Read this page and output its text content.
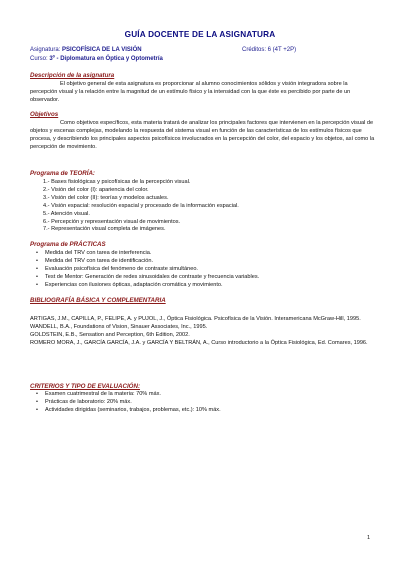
GUÍA DOCENTE DE LA ASIGNATURA
Asignatura: PSICOFÍSICA DE LA VISIÓN	Créditos: 6 (4T +2P)
Curso: 3º - Diplomatura en Óptica y Optometría
Descripción de la asignatura
El objetivo general de esta asignatura es proporcionar al alumno conocimientos sólidos y visión integradora sobre la percepción visual y la relación entre la magnitud de un estímulo físico y la intensidad con la que éste es percibido por parte de un observador.
Objetivos
Como objetivos específicos, esta materia tratará de analizar los principales factores que intervienen en la percepción visual de objetos y escenas complejas, modelando la respuesta del sistema visual en función de las características de los estímulos físicos que procesa, y describiendo los principales aspectos psicofísicos involucrados en la percepción del color, del espacio y los objetos, así como la percepción de movimiento.
Programa de TEORÍA:
1.- Bases fisiológicas y psicofísicas de la percepción visual.
2.- Visión del color (I): apariencia del color.
3.- Visión del color (II): teorías y modelos actuales.
4.- Visión espacial: resolución espacial y procesado de la información espacial.
5.- Atención visual.
6.- Percepción y representación visual de movimientos.
7.- Representación visual completa de imágenes.
Programa de PRÁCTICAS
• Medida del TRV con tarea de interferencia.
• Medida del TRV con tarea de identificación.
• Evaluación psicofísica del fenómeno de contraste simultáneo.
• Test de Mentor: Generación de redes sinusoidales de contraste y frecuencia variables.
• Experiencias con ilusiones ópticas, adaptación cromática y movimiento.
BIBLIOGRAFÍA BÁSICA Y COMPLEMENTARIA
ARTIGAS, J.M., CAPILLA, P., FELIPE, A. y PUJOL, J., Óptica Fisiológica. Psicofísica de la Visión. Interamericana McGraw-Hill, 1995.
WANDELL, B.A., Foundations of Vision, Sinauer Associates, Inc., 1995.
GOLDSTEIN, E.B., Sensation and Perception, 6th Edition, 2002.
ROMERO MORA, J., GARCÍA GARCÍA, J.A. y GARCÍA Y BELTRÁN, A., Curso introductorio a la Óptica Fisiológica, Ed. Comares, 1996.
CRITERIOS Y TIPO DE EVALUACIÓN:
• Examen cuatrimestral de la materia: 70% máx.
• Prácticas de laboratorio: 20% máx.
• Actividades dirigidas (seminarios, trabajos, problemas, etc.): 10% máx.
1
